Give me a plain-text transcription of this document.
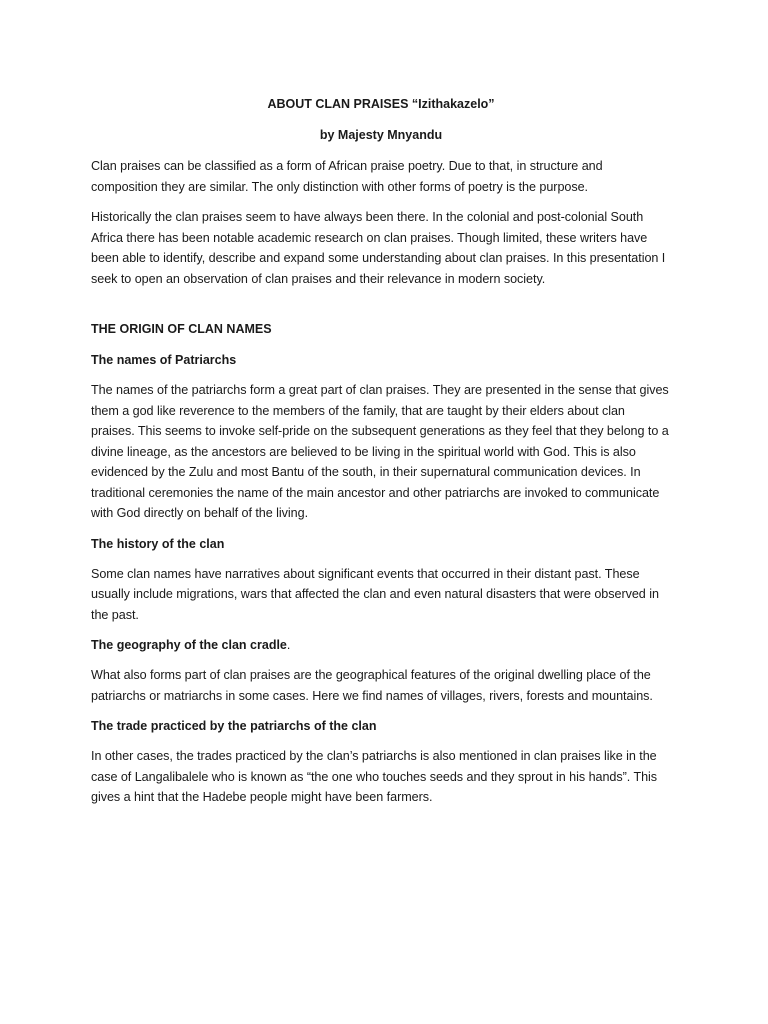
ABOUT CLAN PRAISES “Izithakazelo”
by Majesty Mnyandu

Clan praises can be classified as a form of African praise poetry. Due to that, in structure and composition they are similar. The only distinction with other forms of poetry is the purpose.

Historically the clan praises seem to have always been there. In the colonial and post-colonial South Africa there has been notable academic research on clan praises. Though limited, these writers have been able to identify, describe and expand some understanding about clan praises. In this presentation I seek to open an observation of clan praises and their relevance in modern society.

THE ORIGIN OF CLAN NAMES
The names of Patriarchs

The names of the patriarchs form a great part of clan praises. They are presented in the sense that gives them a god like reverence to the members of the family, that are taught by their elders about clan praises. This seems to invoke self-pride on the subsequent generations as they feel that they belong to a divine lineage, as the ancestors are believed to be living in the spiritual world with God. This is also evidenced by the Zulu and most Bantu of the south, in their supernatural communication devices. In traditional ceremonies the name of the main ancestor and other patriarchs are invoked to communicate with God directly on behalf of the living.

The history of the clan

Some clan names have narratives about significant events that occurred in their distant past. These usually include migrations, wars that affected the clan and even natural disasters that were observed in the past.

The geography of the clan cradle.

What also forms part of clan praises are the geographical features of the original dwelling place of the patriarchs or matriarchs in some cases. Here we find names of villages, rivers, forests and mountains.

The trade practiced by the patriarchs of the clan

In other cases, the trades practiced by the clan’s patriarchs is also mentioned in clan praises like in the case of Langalibalele who is known as “the one who touches seeds and they sprout in his hands”. This gives a hint that the Hadebe people might have been farmers.
